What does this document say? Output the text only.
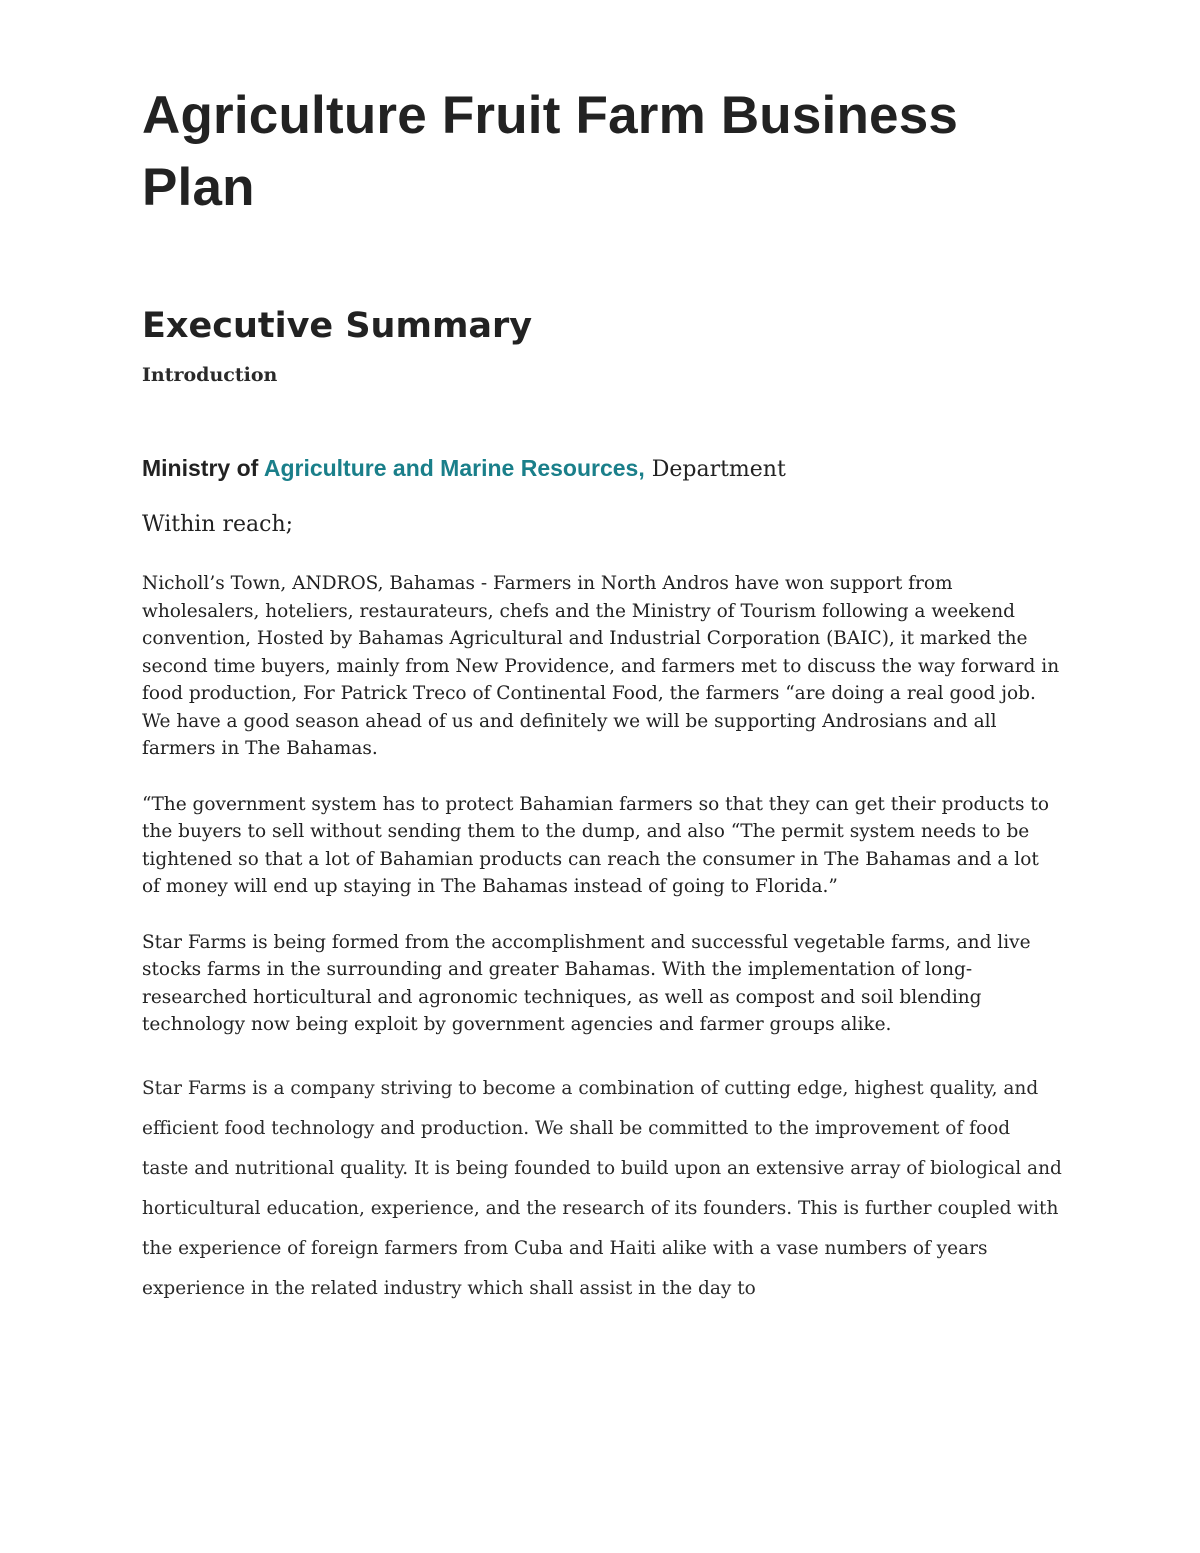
Agriculture Fruit Farm Business Plan
Executive Summary
Introduction
Ministry of Agriculture and Marine Resources, Department

Within reach;

Nicholl’s Town, ANDROS, Bahamas - Farmers in North Andros have won support from wholesalers, hoteliers, restaurateurs, chefs and the Ministry of Tourism following a weekend convention, Hosted by Bahamas Agricultural and Industrial Corporation (BAIC), it marked the second time buyers, mainly from New Providence, and farmers met to discuss the way forward in food production, For Patrick Treco of Continental Food, the farmers “are doing a real good job. We have a good season ahead of us and definitely we will be supporting Androsians and all farmers in The Bahamas.

“The government system has to protect Bahamian farmers so that they can get their products to the buyers to sell without sending them to the dump, and also “The permit system needs to be tightened so that a lot of Bahamian products can reach the consumer in The Bahamas and a lot of money will end up staying in The Bahamas instead of going to Florida.”

Star Farms is being formed from the accomplishment and successful vegetable farms, and live stocks farms in the surrounding and greater Bahamas. With the implementation of long-researched horticultural and agronomic techniques, as well as compost and soil blending technology now being exploit by government agencies and farmer groups alike.

Star Farms is a company striving to become a combination of cutting edge, highest quality, and efficient food technology and production. We shall be committed to the improvement of food taste and nutritional quality. It is being founded to build upon an extensive array of biological and horticultural education, experience, and the research of its founders. This is further coupled with the experience of foreign farmers from Cuba and Haiti alike with a vase numbers of years experience in the related industry which shall assist in the day to
